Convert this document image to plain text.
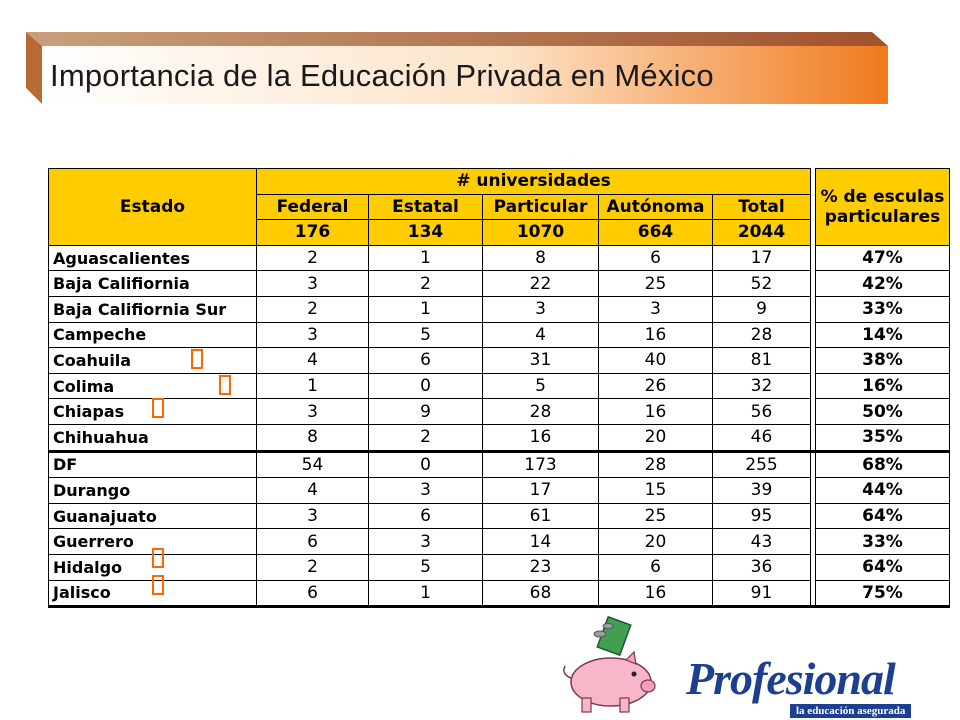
Importancia de la Educación Privada en México
Estado	# universidades						% de esculas
particulares
	Federal	Estatal	Particular	Autónoma	Total		
	176	134	1070	664	2044		
Aguascalientes	2	1	8	6	17		47%
Baja Califiornia	3	2	22	25	52		42%
Baja Califiornia Sur	2	1	3	3	9		33%
Campeche	3	5	4	16	28		14%
Coahuila	4	6	31	40	81		38%
Colima	1	0	5	26	32		16%
Chiapas	3	9	28	16	56		50%
Chihuahua	8	2	16	20	46		35%
DF	54	0	173	28	255		68%
Durango	4	3	17	15	39		44%
Guanajuato	3	6	61	25	95		64%
Guerrero	6	3	14	20	43		33%
Hidalgo	2	5	23	6	36		64%
Jalisco	6	1	68	16	91		75%
Profesional
la educación asegurada
